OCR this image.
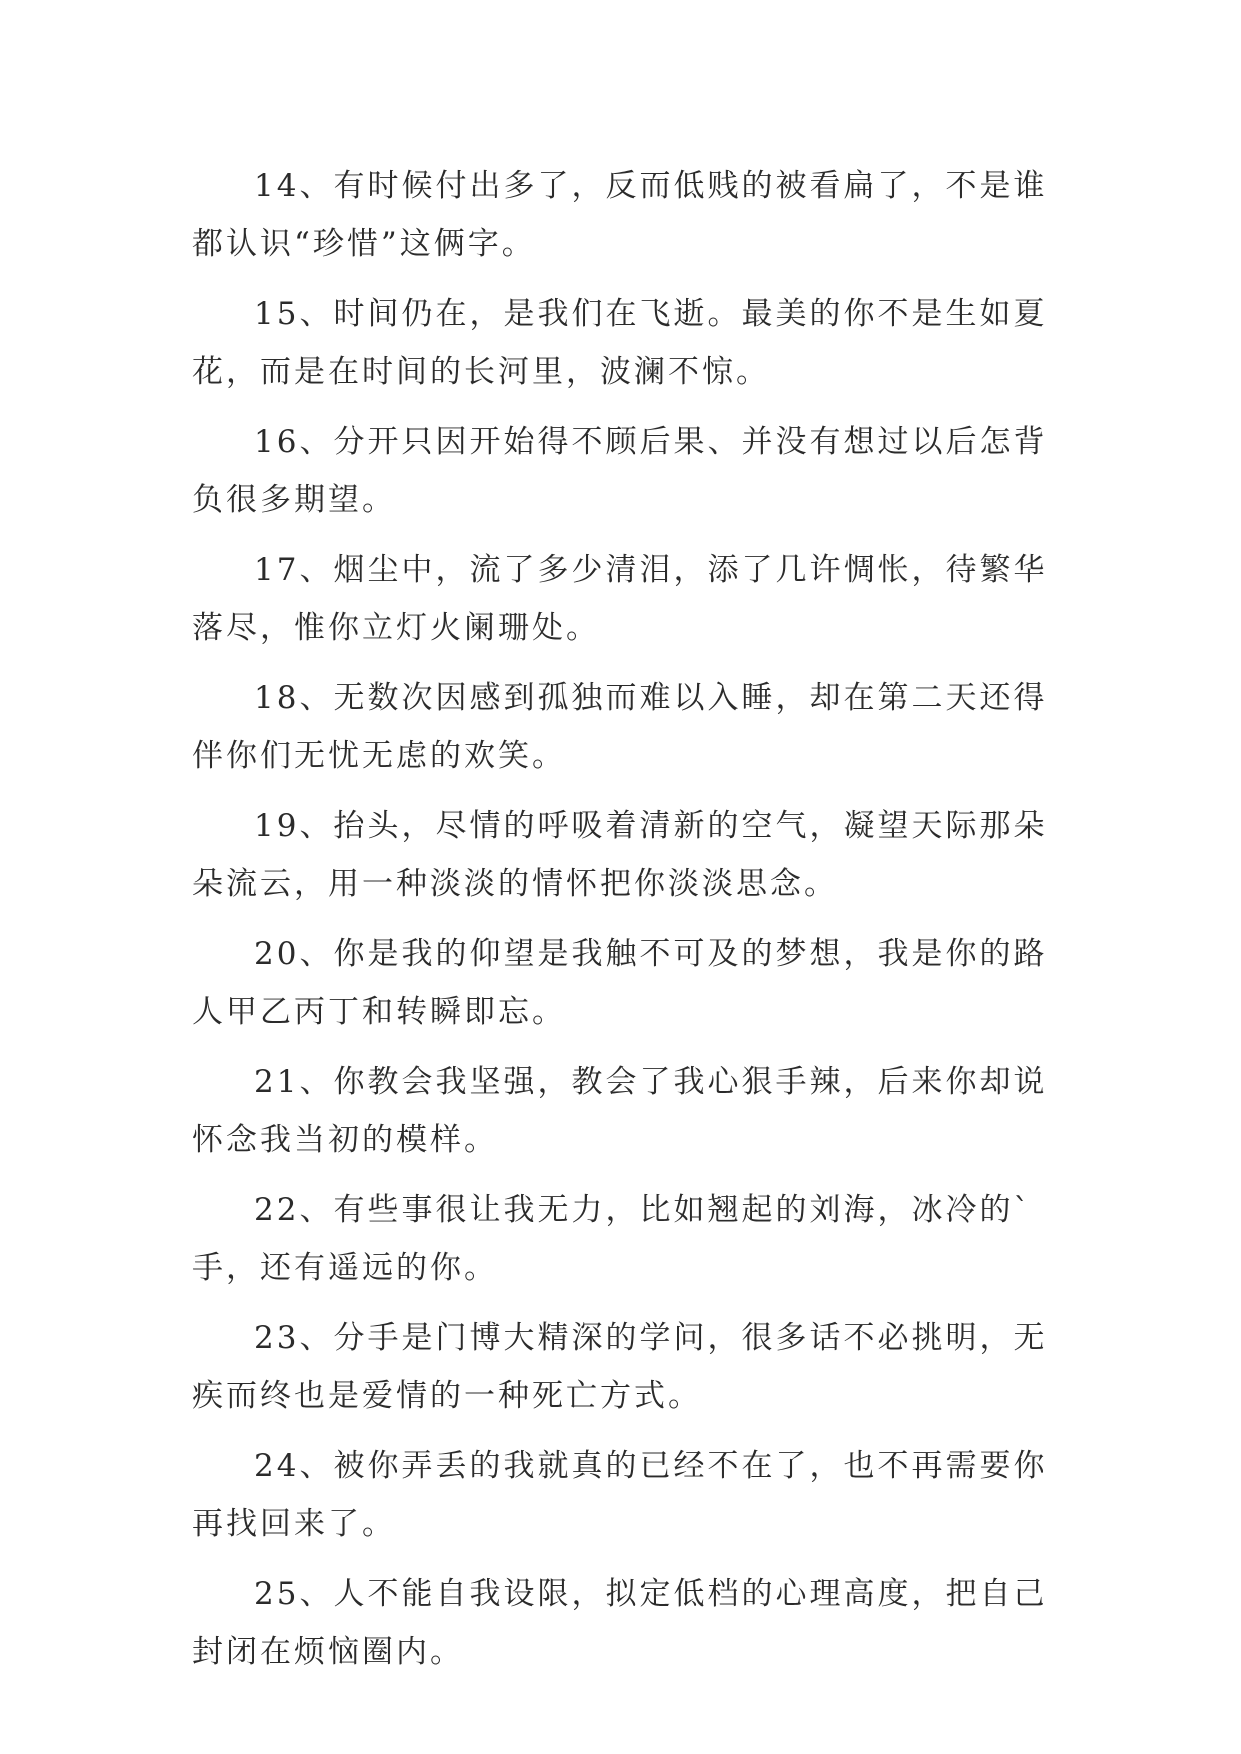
14、有时候付出多了，反而低贱的被看扁了，不是谁都认识“珍惜”这俩字。

15、时间仍在，是我们在飞逝。最美的你不是生如夏花，而是在时间的长河里，波澜不惊。

16、分开只因开始得不顾后果、并没有想过以后怎背负很多期望。

17、烟尘中，流了多少清泪，添了几许惆怅，待繁华落尽，惟你立灯火阑珊处。

18、无数次因感到孤独而难以入睡，却在第二天还得伴你们无忧无虑的欢笑。

19、抬头，尽情的呼吸着清新的空气，凝望天际那朵朵流云，用一种淡淡的情怀把你淡淡思念。

20、你是我的仰望是我触不可及的梦想，我是你的路人甲乙丙丁和转瞬即忘。

21、你教会我坚强，教会了我心狠手辣，后来你却说怀念我当初的模样。

22、有些事很让我无力，比如翘起的刘海，冰冷的`手，还有遥远的你。

23、分手是门博大精深的学问，很多话不必挑明，无疾而终也是爱情的一种死亡方式。

24、被你弄丢的我就真的已经不在了，也不再需要你再找回来了。

25、人不能自我设限，拟定低档的心理高度，把自己封闭在烦恼圈内。
